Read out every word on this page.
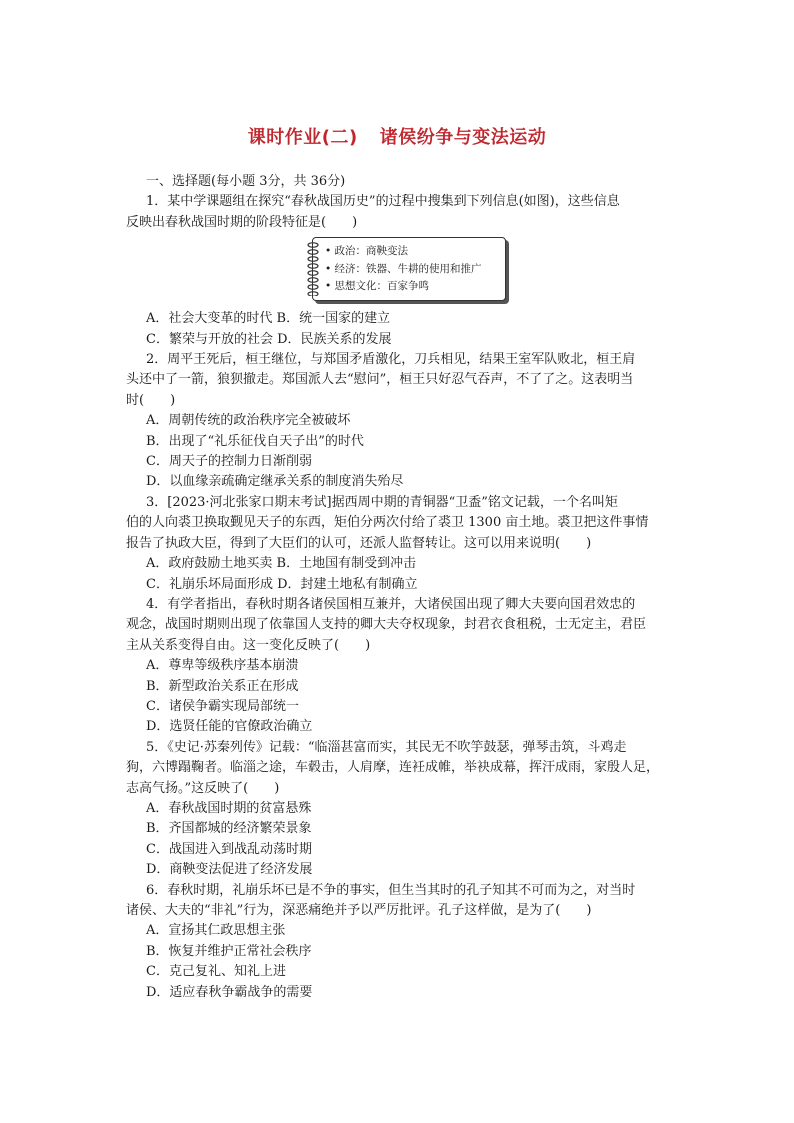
课时作业(二) 诸侯纷争与变法运动
一、选择题(每小题 3分，共 36分)
1．某中学课题组在探究“春秋战国历史”的过程中搜集到下列信息(如图)，这些信息
反映出春秋战国时期的阶段特征是(　　)
• 政治：商鞅变法
• 经济：铁器、牛耕的使用和推广
• 思想文化：百家争鸣
A．社会大变革的时代 B．统一国家的建立
C．繁荣与开放的社会 D．民族关系的发展
2．周平王死后，桓王继位，与郑国矛盾激化，刀兵相见，结果王室军队败北，桓王肩
头还中了一箭，狼狈撤走。郑国派人去“慰问”，桓王只好忍气吞声，不了了之。这表明当
时(　　)
A．周朝传统的政治秩序完全被破坏
B．出现了“礼乐征伐自天子出”的时代
C．周天子的控制力日渐削弱
D．以血缘亲疏确定继承关系的制度消失殆尽
3．[2023·河北张家口期末考试]据西周中期的青铜器“卫盉”铭文记载，一个名叫矩
伯的人向裘卫换取觐见天子的东西，矩伯分两次付给了裘卫 1300 亩土地。裘卫把这件事情
报告了执政大臣，得到了大臣们的认可，还派人监督转让。这可以用来说明(　　)
A．政府鼓励土地买卖 B．土地国有制受到冲击
C．礼崩乐坏局面形成 D．封建土地私有制确立
4．有学者指出，春秋时期各诸侯国相互兼并，大诸侯国出现了卿大夫要向国君效忠的
观念，战国时期则出现了依靠国人支持的卿大夫夺权现象，封君衣食租税，士无定主，君臣
主从关系变得自由。这一变化反映了(　　)
A．尊卑等级秩序基本崩溃
B．新型政治关系正在形成
C．诸侯争霸实现局部统一
D．选贤任能的官僚政治确立
5．《史记·苏秦列传》记载：“临淄甚富而实，其民无不吹竽鼓瑟，弹琴击筑，斗鸡走
狗，六博蹋鞠者。临淄之途，车毂击，人肩摩，连衽成帷，举袂成幕，挥汗成雨，家殷人足，
志高气扬。”这反映了(　　)
A．春秋战国时期的贫富悬殊
B．齐国都城的经济繁荣景象
C．战国进入到战乱动荡时期
D．商鞅变法促进了经济发展
6．春秋时期，礼崩乐坏已是不争的事实，但生当其时的孔子知其不可而为之，对当时
诸侯、大夫的“非礼”行为，深恶痛绝并予以严厉批评。孔子这样做，是为了(　　)
A．宣扬其仁政思想主张
B．恢复并维护正常社会秩序
C．克己复礼、知礼上进
D．适应春秋争霸战争的需要
